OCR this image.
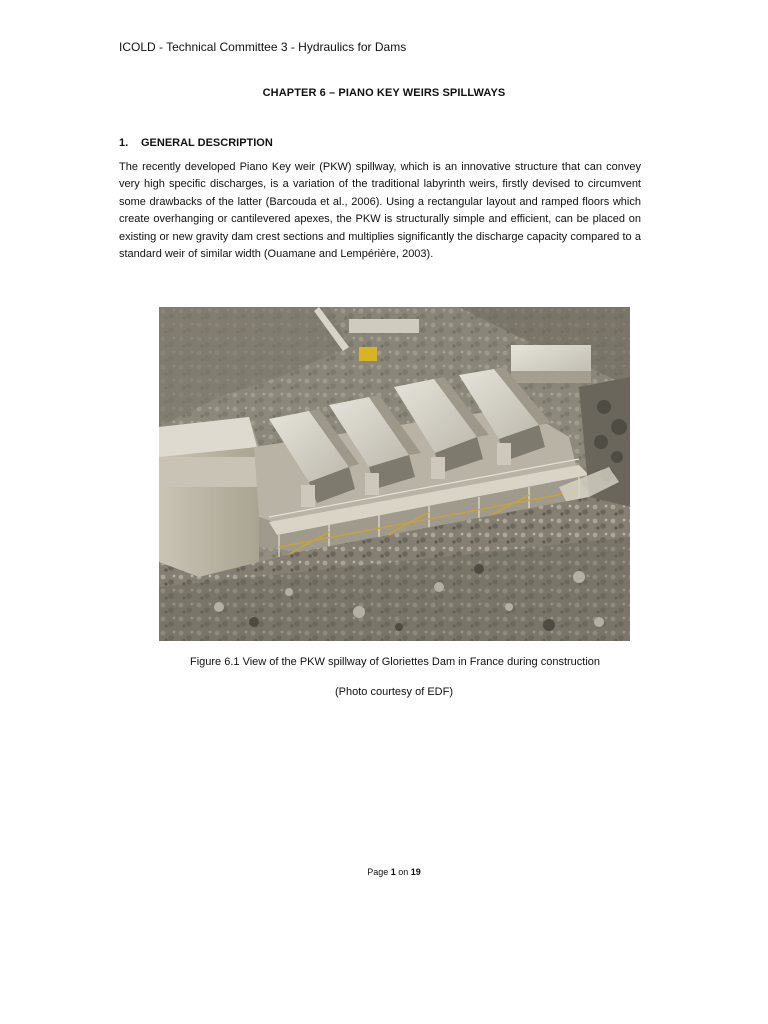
ICOLD - Technical Committee 3 - Hydraulics for Dams
CHAPTER 6 – PIANO KEY WEIRS SPILLWAYS
1. GENERAL DESCRIPTION

The recently developed Piano Key weir (PKW) spillway, which is an innovative structure that can convey very high specific discharges, is a variation of the traditional labyrinth weirs, firstly devised to circumvent some drawbacks of the latter (Barcouda et al., 2006). Using a rectangular layout and ramped floors which create overhanging or cantilevered apexes, the PKW is structurally simple and efficient, can be placed on existing or new gravity dam crest sections and multiplies significantly the discharge capacity compared to a standard weir of similar width (Ouamane and Lempérière, 2003).

Figure 6.1 View of the PKW spillway of Gloriettes Dam in France during construction
(Photo courtesy of EDF)
Page 1 on 19
